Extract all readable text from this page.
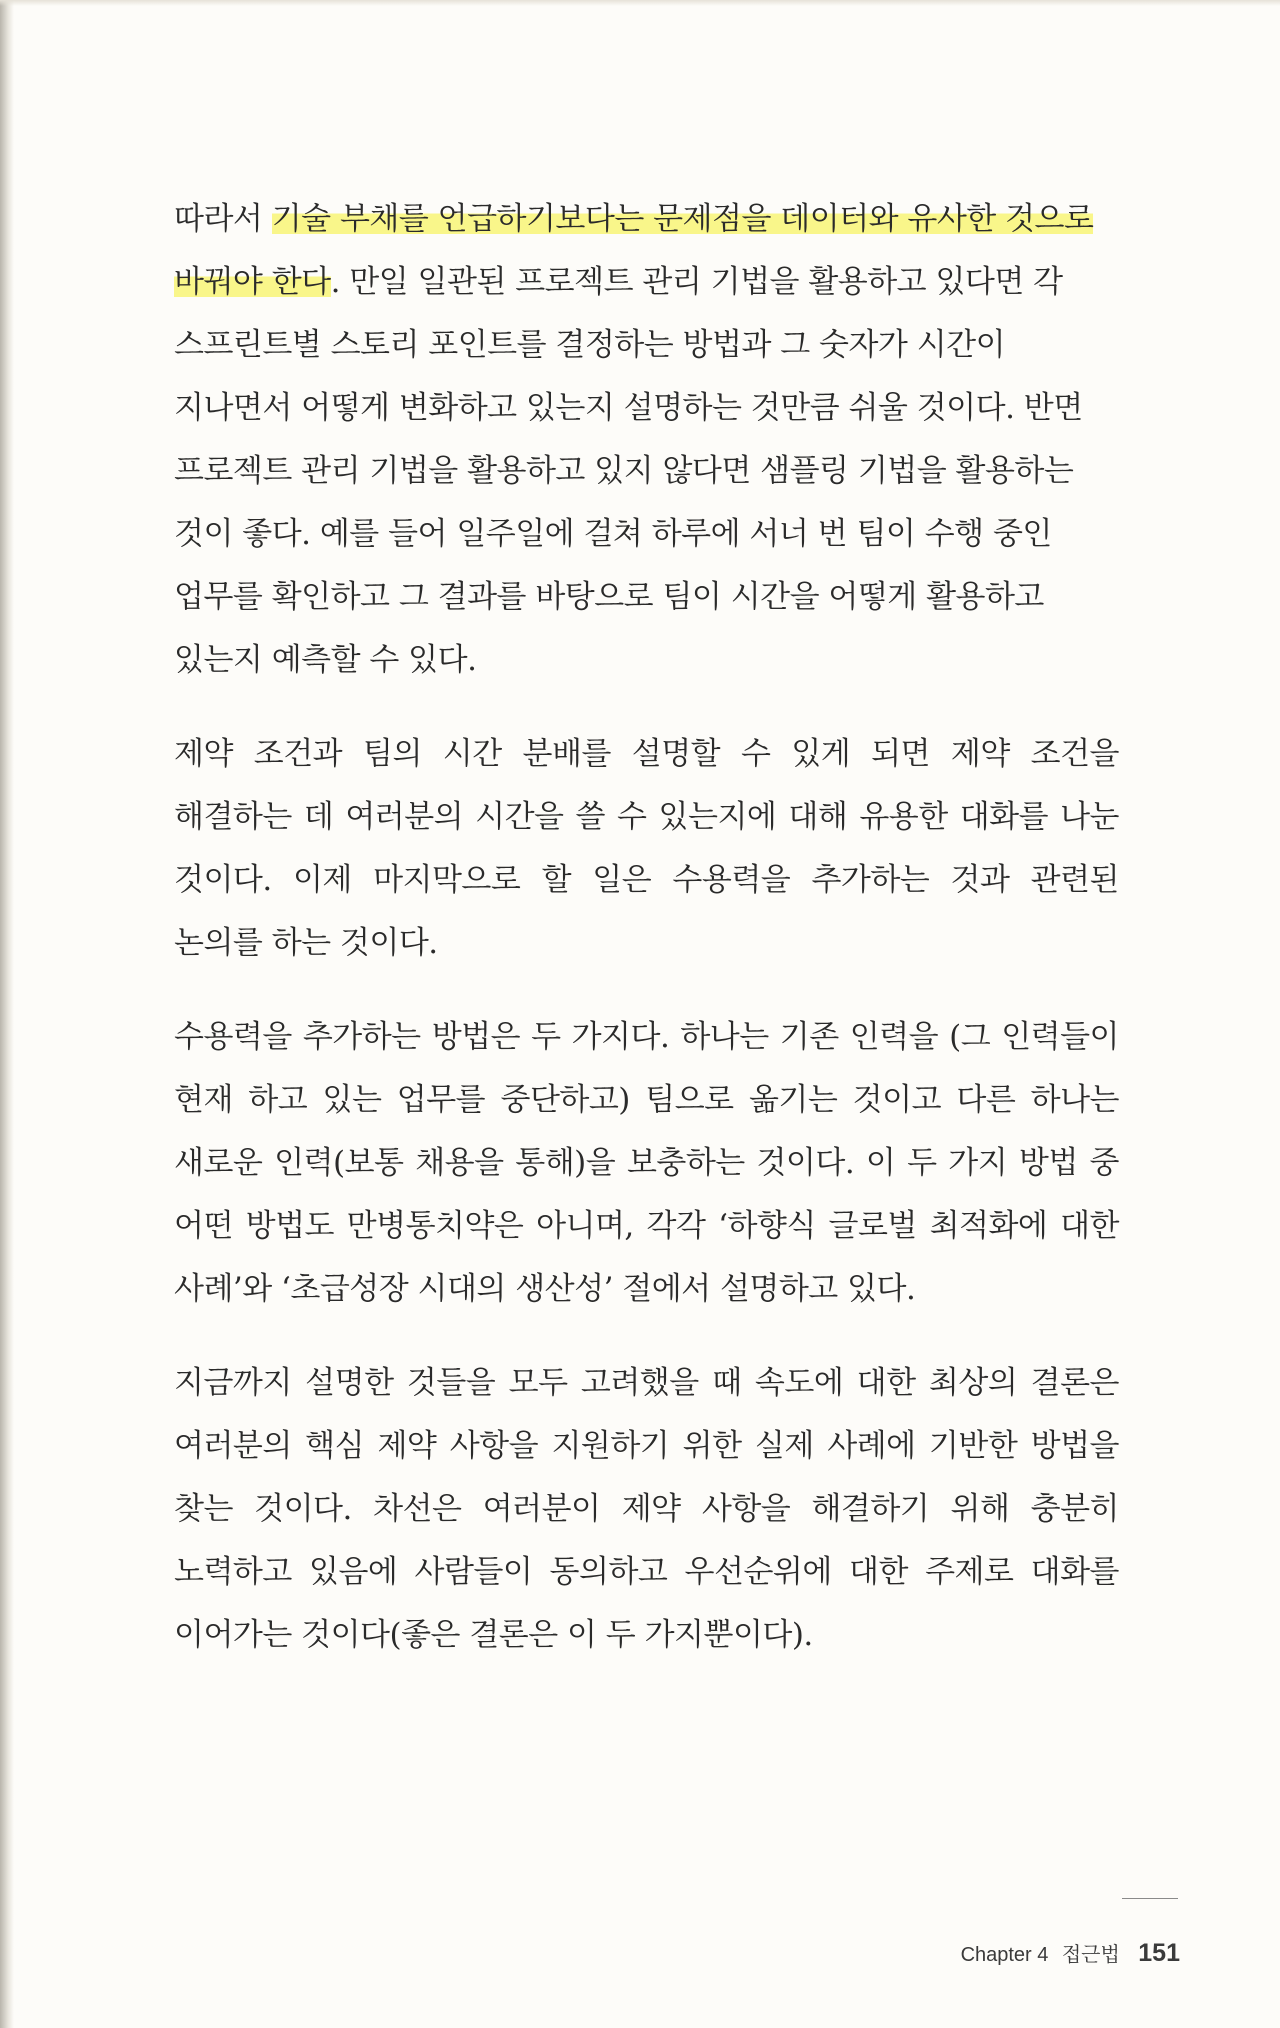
따라서 기술 부채를 언급하기보다는 문제점을 데이터와 유사한 것으로 바꿔야 한다. 만일 일관된 프로젝트 관리 기법을 활용하고 있다면 각 스프린트별 스토리 포인트를 결정하는 방법과 그 숫자가 시간이 지나면서 어떻게 변화하고 있는지 설명하는 것만큼 쉬울 것이다. 반면 프로젝트 관리 기법을 활용하고 있지 않다면 샘플링 기법을 활용하는 것이 좋다. 예를 들어 일주일에 걸쳐 하루에 서너 번 팀이 수행 중인 업무를 확인하고 그 결과를 바탕으로 팀이 시간을 어떻게 활용하고 있는지 예측할 수 있다.

제약 조건과 팀의 시간 분배를 설명할 수 있게 되면 제약 조건을 해결하는 데 여러분의 시간을 쓸 수 있는지에 대해 유용한 대화를 나눈 것이다. 이제 마지막으로 할 일은 수용력을 추가하는 것과 관련된 논의를 하는 것이다.

수용력을 추가하는 방법은 두 가지다. 하나는 기존 인력을 (그 인력들이 현재 하고 있는 업무를 중단하고) 팀으로 옮기는 것이고 다른 하나는 새로운 인력(보통 채용을 통해)을 보충하는 것이다. 이 두 가지 방법 중 어떤 방법도 만병통치약은 아니며, 각각 ‘하향식 글로벌 최적화에 대한 사례’와 ‘초급성장 시대의 생산성’ 절에서 설명하고 있다.

지금까지 설명한 것들을 모두 고려했을 때 속도에 대한 최상의 결론은 여러분의 핵심 제약 사항을 지원하기 위한 실제 사례에 기반한 방법을 찾는 것이다. 차선은 여러분이 제약 사항을 해결하기 위해 충분히 노력하고 있음에 사람들이 동의하고 우선순위에 대한 주제로 대화를 이어가는 것이다(좋은 결론은 이 두 가지뿐이다).

Chapter 4 접근법 151
